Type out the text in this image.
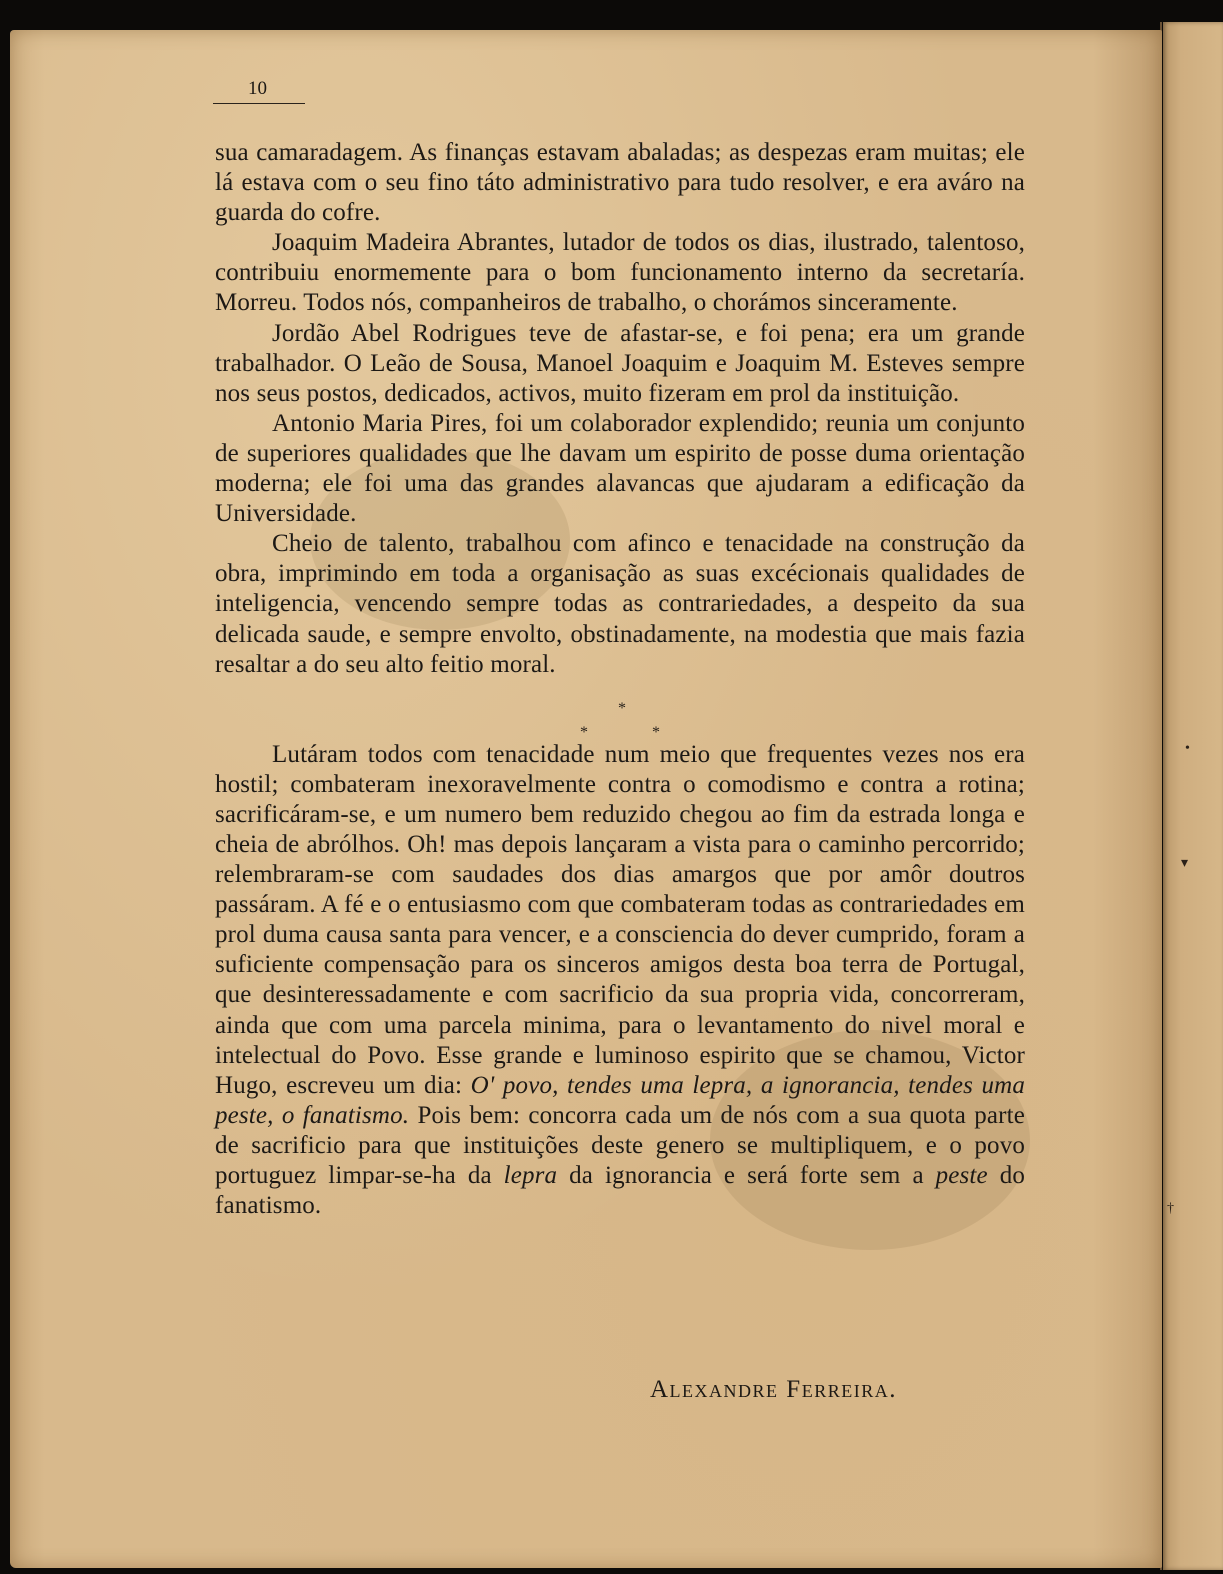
•
▾
†
10

sua camaradagem. As finanças estavam abaladas; as despezas eram muitas; ele lá estava com o seu fino táto administrativo para tudo resolver, e era aváro na guarda do cofre.

Joaquim Madeira Abrantes, lutador de todos os dias, ilustrado, talentoso, contribuiu enormemente para o bom funcionamento interno da secretaría. Morreu. Todos nós, companheiros de trabalho, o chorámos sinceramente.

Jordão Abel Rodrigues teve de afastar-se, e foi pena; era um grande trabalhador. O Leão de Sousa, Manoel Joaquim e Joaquim M. Esteves sempre nos seus postos, dedicados, activos, muito fizeram em prol da instituição.

Antonio Maria Pires, foi um colaborador explendido; reunia um conjunto de superiores qualidades que lhe davam um espirito de posse duma orientação moderna; ele foi uma das grandes alavancas que ajudaram a edificação da Universidade.

Cheio de talento, trabalhou com afinco e tenacidade na construção da obra, imprimindo em toda a organisação as suas excécionais qualidades de inteligencia, vencendo sempre todas as contrariedades, a despeito da sua delicada saude, e sempre envolto, obstinadamente, na modestia que mais fazia resaltar a do seu alto feitio moral.

*
*	*

Lutáram todos com tenacidade num meio que frequentes vezes nos era hostil; combateram inexoravelmente contra o comodismo e contra a rotina; sacrificáram-se, e um numero bem reduzido chegou ao fim da estrada longa e cheia de abrólhos. Oh! mas depois lançaram a vista para o caminho percorrido; relembraram-se com saudades dos dias amargos que por amôr doutros passáram. A fé e o entusiasmo com que combateram todas as contrariedades em prol duma causa santa para vencer, e a consciencia do dever cumprido, foram a suficiente compensação para os sinceros amigos desta boa terra de Portugal, que desinteressadamente e com sacrificio da sua propria vida, concorreram, ainda que com uma parcela minima, para o levantamento do nivel moral e intelectual do Povo. Esse grande e luminoso espirito que se chamou, Victor Hugo, escreveu um dia: O' povo, tendes uma lepra, a ignorancia, tendes uma peste, o fanatismo. Pois bem: concorra cada um de nós com a sua quota parte de sacrificio para que instituições deste genero se multipliquem, e o povo portuguez limpar-se-ha da lepra da ignorancia e será forte sem a peste do fanatismo.

Alexandre Ferreira.
